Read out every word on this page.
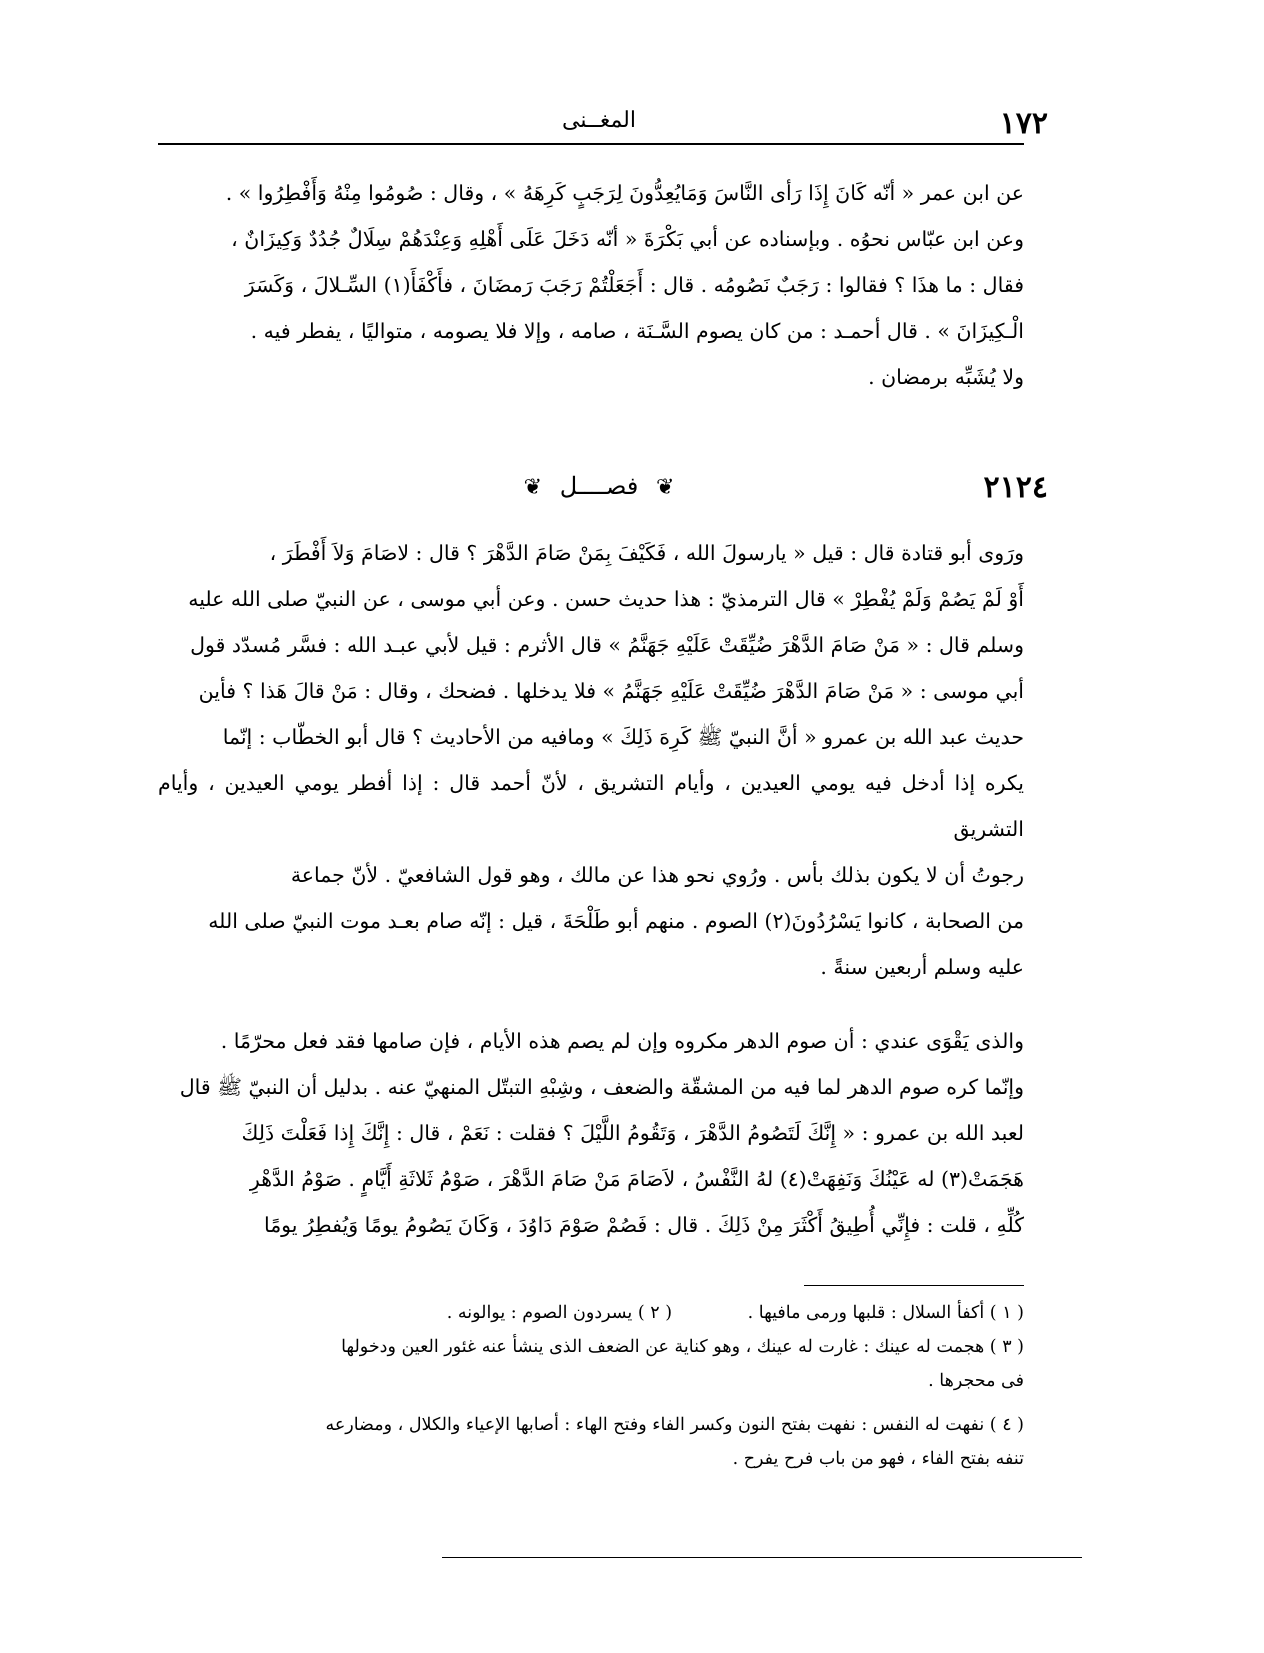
١٧٢
المغــنى
عن ابن عمر « أنّه كَانَ إِذَا رَأى النَّاسَ وَمَايُعِدُّونَ لِرَجَبٍ كَرِهَهُ » ، وقال : صُومُوا مِنْهُ وَأَفْطِرُوا » .
وعن ابن عبّاس نحوُه . وبإسناده عن أبي بَكْرَةَ « أنّه دَخَلَ عَلَى أَهْلِهِ وَعِنْدَهُمْ سِلَالٌ جُدُدٌ وَكِيزَانٌ ،
فقال : ما هذَا ؟ فقالوا : رَجَبٌ نَصُومُه . قال : أَجَعَلْتُمْ رَجَبَ رَمضَانَ ، فأَكْفَأَ(١) السِّـلالَ ، وَكَسَرَ
الْـكِيزَانَ » . قال أحمـد : من كان يصوم السَّـنَة ، صامه ، وإلا فلا يصومه ، متواليًا ، يفطر فيه .
ولا يُشَبِّه برمضان .
٢١٢٤
❦ فصــــل ❦
ورَوى أبو قتادة قال : قيل « يارسولَ الله ، فَكَيْفَ بِمَنْ صَامَ الدَّهْرَ ؟ قال : لاصَامَ وَلاَ أَفْطَرَ ،
أَوْ لَمْ يَصُمْ وَلَمْ يُفْطِرْ » قال الترمذيّ : هذا حديث حسن . وعن أبي موسى ، عن النبيّ صلى الله عليه
وسلم قال : « مَنْ صَامَ الدَّهْرَ ضُيِّقَتْ عَلَيْهِ جَهَنَّمُ » قال الأثرم : قيل لأبي عبـد الله : فسَّر مُسدّد قول
أبي موسى : « مَنْ صَامَ الدَّهْرَ ضُيِّقَتْ عَلَيْهِ جَهَنَّمُ » فلا يدخلها . فضحك ، وقال : مَنْ قالَ هَذا ؟ فأين
حديث عبد الله بن عمرو « أنَّ النبيّ ﷺ كَرِهَ ذَلِكَ » ومافيه من الأحاديث ؟ قال أبو الخطّاب : إنّما
يكره إذا أدخل فيه يومي العيدين ، وأيام التشريق ، لأنّ أحمد قال : إذا أفطر يومي العيدين ، وأيام التشريق
رجوتُ أن لا يكون بذلك بأس . ورُوي نحو هذا عن مالك ، وهو قول الشافعيّ . لأنّ جماعة
من الصحابة ، كانوا يَسْرُدُونَ(٢) الصوم . منهم أبو طَلْحَةَ ، قيل : إنّه صام بعـد موت النبيّ صلى الله
عليه وسلم أربعين سنةً .
والذى يَقْوَى عندي : أن صوم الدهر مكروه وإن لم يصم هذه الأيام ، فإن صامها فقد فعل محرّمًا .
وإنّما كره صوم الدهر لما فيه من المشقّة والضعف ، وشِبْهِ التبتّل المنهيّ عنه . بدليل أن النبيّ ﷺ قال
لعبد الله بن عمرو : « إِنَّكَ لَتَصُومُ الدَّهْرَ ، وَتَقُومُ اللَّيْلَ ؟ فقلت : نَعَمْ ، قال : إِنَّكَ إِذا فَعَلْتَ ذَلِكَ
هَجَمَتْ(٣) له عَيْنُكَ وَنَفِهَتْ(٤) لهُ النَّفْسُ ، لاَصَامَ مَنْ صَامَ الدَّهْرَ ، صَوْمُ ثَلاثَةِ أَيَّامٍ . صَوْمُ الدَّهْرِ
كُلِّهِ ، قلت : فإِنِّي أُطِيقُ أَكْثَرَ مِنْ ذَلِكَ . قال : فَصُمْ صَوْمَ دَاوُدَ ، وَكَانَ يَصُومُ يومًا وَيُفطِرُ يومًا
( ١ ) أكفأ السلال : قلبها ورمى مافيها . ( ٢ ) يسردون الصوم : يوالونه .
( ٣ ) هجمت له عينك : غارت له عينك ، وهو كناية عن الضعف الذى ينشأ عنه غئور العين ودخولها
فى محجرها .
( ٤ ) نفهت له النفس : نفهت بفتح النون وكسر الفاء وفتح الهاء : أصابها الإعياء والكلال ، ومضارعه
تنفه بفتح الفاء ، فهو من باب فرح يفرح .
